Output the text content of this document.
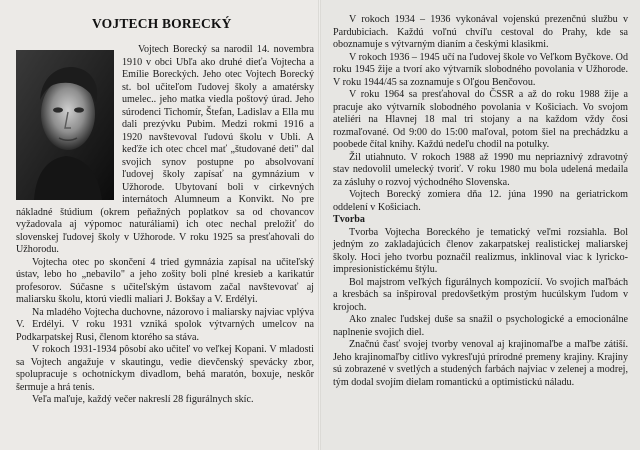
VOJTECH BORECKÝ

Vojtech Borecký sa narodil 14. novembra 1910 v obci Ubľa ako druhé dieťa Vojtecha a Emílie Boreckých. Jeho otec Vojtech Borecký st. bol učiteľom ľudovej školy a amatérsky umelec.. jeho matka viedla poštový úrad. Jeho súrodenci Tichomír, Štefan, Ladislav a Ella mu dali prezývku Pubim. Medzi rokmi 1916 a 1920 navštevoval ľudovú školu v Ubli. A keďže ich otec chcel mať „študované deti" dal svojich synov postupne po absolvovaní ľudovej školy zapísať na gymnázium v Užhorode. Ubytovaní boli v cirkevných internátoch Alumneum a Konvikt. No pre nákladné štúdium (okrem peňažných poplatkov sa od chovancov vyžadovala aj výpomoc naturáliami) ich otec nechal preložiť do slovenskej ľudovej školy v Užhorode. V roku 1925 sa presťahovali do Užhorodu.

Vojtecha otec po skončení 4 tried gymnázia zapísal na učiteľský ústav, lebo ho „nebavilo" a jeho zošity boli plné kresieb a karikatúr profesorov. Súčasne s učiteľským ústavom začal navštevovať aj maliarsku školu, ktorú viedli maliari J. Bokšay a V. Erdélyi.

Na mladého Vojtecha duchovne, názorovo i maliarsky najviac vplýva V. Erdélyi. V roku 1931 vzniká spolok výtvarných umelcov na Podkarpatskej Rusi, členom ktorého sa stáva.

V rokoch 1931-1934 pôsobí ako učiteľ vo veľkej Kopani. V mladosti sa Vojtech angažuje v skautingu, vedie dievčenský spevácky zbor, spolupracuje s ochotníckym divadlom, behá maratón, boxuje, neskôr šermuje a hrá tenis.

Veľa maľuje, každý večer nakreslí 28 figurálnych skíc.

V rokoch 1934 – 1936 vykonával vojenskú prezenčnú službu v Pardubiciach. Každú voľnú chvíľu cestoval do Prahy, kde sa oboznamuje s výtvarným dianím a českými klasikmi.

V rokoch 1936 – 1945 učí na ľudovej škole vo Veľkom Byčkove. Od roku 1945 žije a tvorí ako výtvarník slobodného povolania v Užhorode. V roku 1944/45 sa zoznamuje s Oľgou Benčovou.

V roku 1964 sa presťahoval do ČSSR a až do roku 1988 žije a pracuje ako výtvarník slobodného povolania v Košiciach. Vo svojom ateliéri na Hlavnej 18 mal tri stojany a na každom vždy čosi rozmaľované. Od 9:00 do 15:00 maľoval, potom šiel na prechádzku a poobede čítal knihy. Každú nedeľu chodil na potulky.

Žil utiahnuto. V rokoch 1988 až 1990 mu nepriaznivý zdravotný stav nedovolil umelecký tvoriť. V roku 1980 mu bola udelená medaila za zásluhy o rozvoj východného Slovenska.

Vojtech Borecký zomiera dňa 12. júna 1990 na geriatrickom oddelení v Košiciach.

Tvorba

Tvorba Vojtecha Boreckého je tematický veľmi rozsiahla. Bol jedným zo zakladajúcich členov zakarpatskej realistickej maliarskej školy. Hoci jeho tvorbu poznačil realizmus, inklinoval viac k lyricko-impresionistickému štýlu.

Bol majstrom veľkých figurálnych kompozícií. Vo svojich maľbách a kresbách sa inšpiroval predovšetkým prostým hucúlskym ľudom v krojoch.

Ako znalec ľudskej duše sa snažil o psychologické a emocionálne naplnenie svojich diel.

Značnú časť svojej tvorby venoval aj krajinomaľbe a maľbe zátiší. Jeho krajinomaľby citlivo vykresľujú prírodné premeny krajiny. Krajiny sú zobrazené v svetlých a studených farbách najviac v zelenej a modrej, tým dodal svojím dielam romantickú a optimistickú náladu.
